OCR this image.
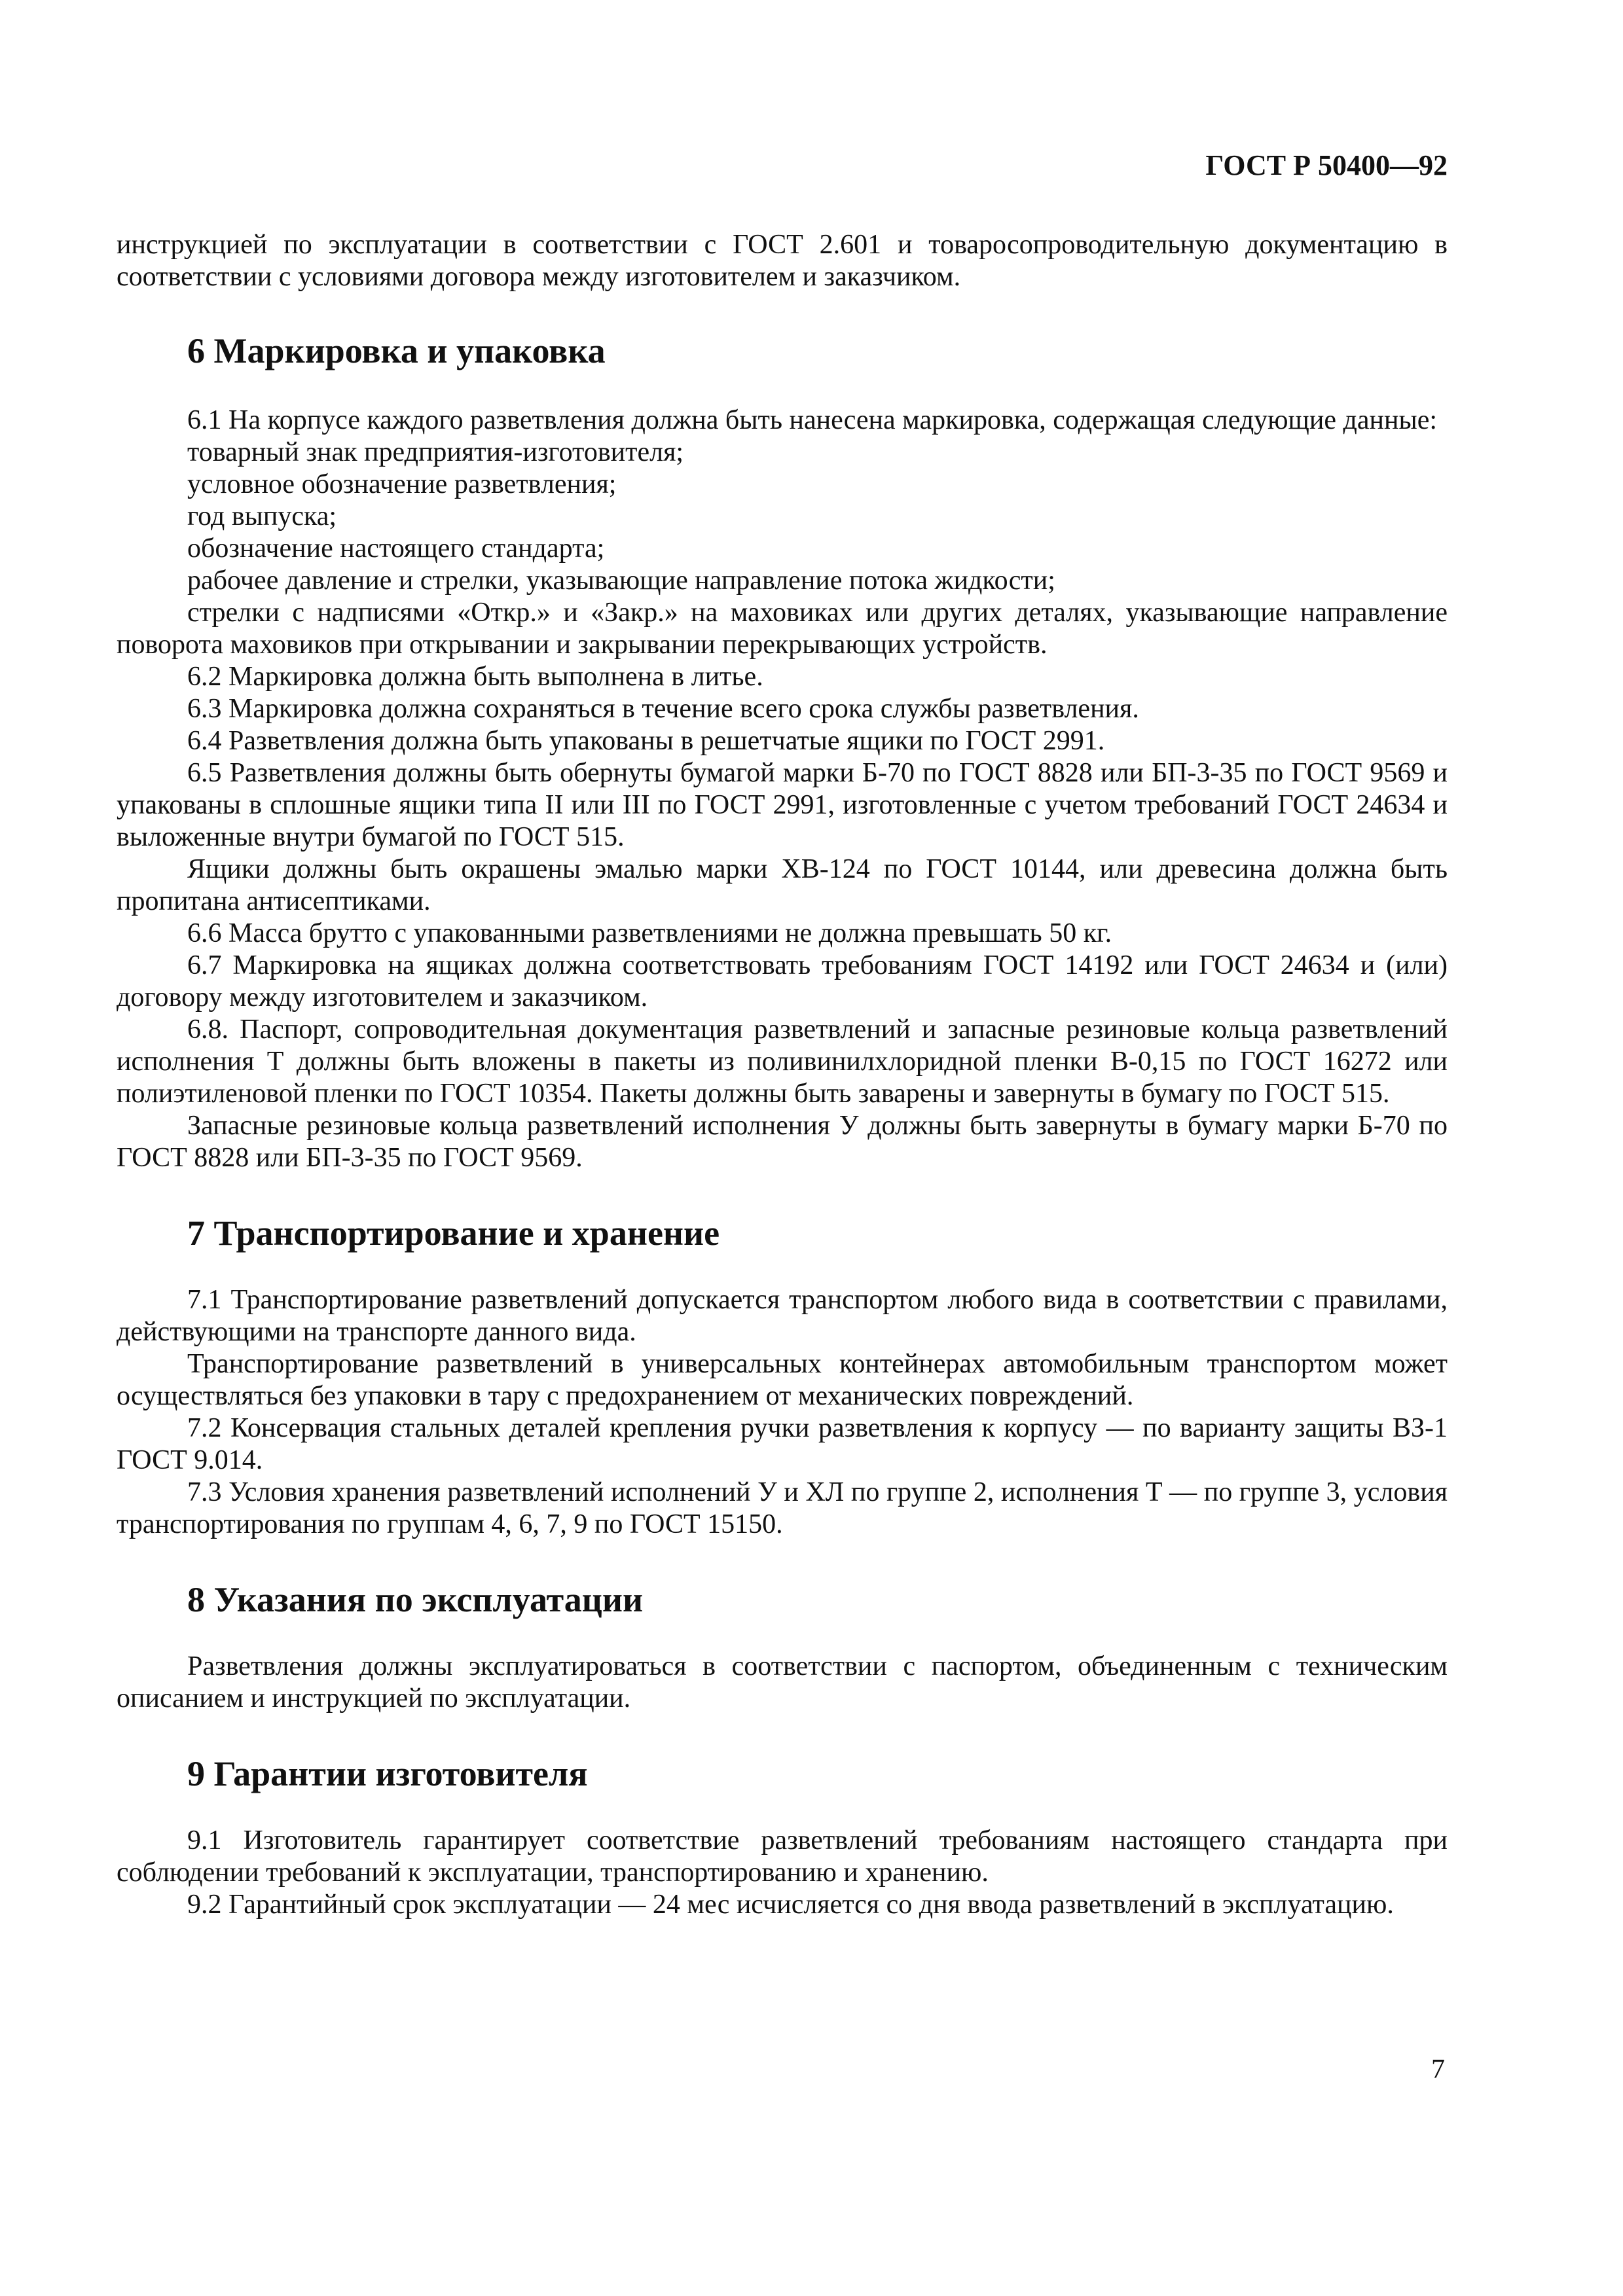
ГОСТ Р 50400—92

инструкцией по эксплуатации в соответствии с ГОСТ 2.601 и товаросопроводительную документацию в соответствии с условиями договора между изготовителем и заказчиком.

6 Маркировка и упаковка

6.1 На корпусе каждого разветвления должна быть нанесена маркировка, содержащая следующие данные:

товарный знак предприятия-изготовителя;

условное обозначение разветвления;

год выпуска;

обозначение настоящего стандарта;

рабочее давление и стрелки, указывающие направление потока жидкости;

стрелки с надписями «Откр.» и «Закр.» на маховиках или других деталях, указывающие направление поворота маховиков при открывании и закрывании перекрывающих устройств.

6.2 Маркировка должна быть выполнена в литье.

6.3 Маркировка должна сохраняться в течение всего срока службы разветвления.

6.4 Разветвления должна быть упакованы в решетчатые ящики по ГОСТ 2991.

6.5 Разветвления должны быть обернуты бумагой марки Б-70 по ГОСТ 8828 или БП-3-35 по ГОСТ 9569 и упакованы в сплошные ящики типа II или III по ГОСТ 2991, изготовленные с учетом требований ГОСТ 24634 и выложенные внутри бумагой по ГОСТ 515.

Ящики должны быть окрашены эмалью марки ХВ-124 по ГОСТ 10144, или древесина должна быть пропитана антисептиками.

6.6 Масса брутто с упакованными разветвлениями не должна превышать 50 кг.

6.7 Маркировка на ящиках должна соответствовать требованиям ГОСТ 14192 или ГОСТ 24634 и (или) договору между изготовителем и заказчиком.

6.8. Паспорт, сопроводительная документация разветвлений и запасные резиновые кольца разветвлений исполнения Т должны быть вложены в пакеты из поливинилхлоридной пленки В-0,15 по ГОСТ 16272 или полиэтиленовой пленки по ГОСТ 10354. Пакеты должны быть заварены и завернуты в бумагу по ГОСТ 515.

Запасные резиновые кольца разветвлений исполнения У должны быть завернуты в бумагу марки Б-70 по ГОСТ 8828 или БП-3-35 по ГОСТ 9569.

7 Транспортирование и хранение

7.1 Транспортирование разветвлений допускается транспортом любого вида в соответствии с правилами, действующими на транспорте данного вида.

Транспортирование разветвлений в универсальных контейнерах автомобильным транспортом может осуществляться без упаковки в тару с предохранением от механических повреждений.

7.2 Консервация стальных деталей крепления ручки разветвления к корпусу — по варианту защиты ВЗ-1 ГОСТ 9.014.

7.3 Условия хранения разветвлений исполнений У и ХЛ по группе 2, исполнения Т — по группе 3, условия транспортирования по группам 4, 6, 7, 9 по ГОСТ 15150.

8 Указания по эксплуатации

Разветвления должны эксплуатироваться в соответствии с паспортом, объединенным с техническим описанием и инструкцией по эксплуатации.

9 Гарантии изготовителя

9.1 Изготовитель гарантирует соответствие разветвлений требованиям настоящего стандарта при соблюдении требований к эксплуатации, транспортированию и хранению.

9.2 Гарантийный срок эксплуатации — 24 мес исчисляется со дня ввода разветвлений в эксплуатацию.

7
